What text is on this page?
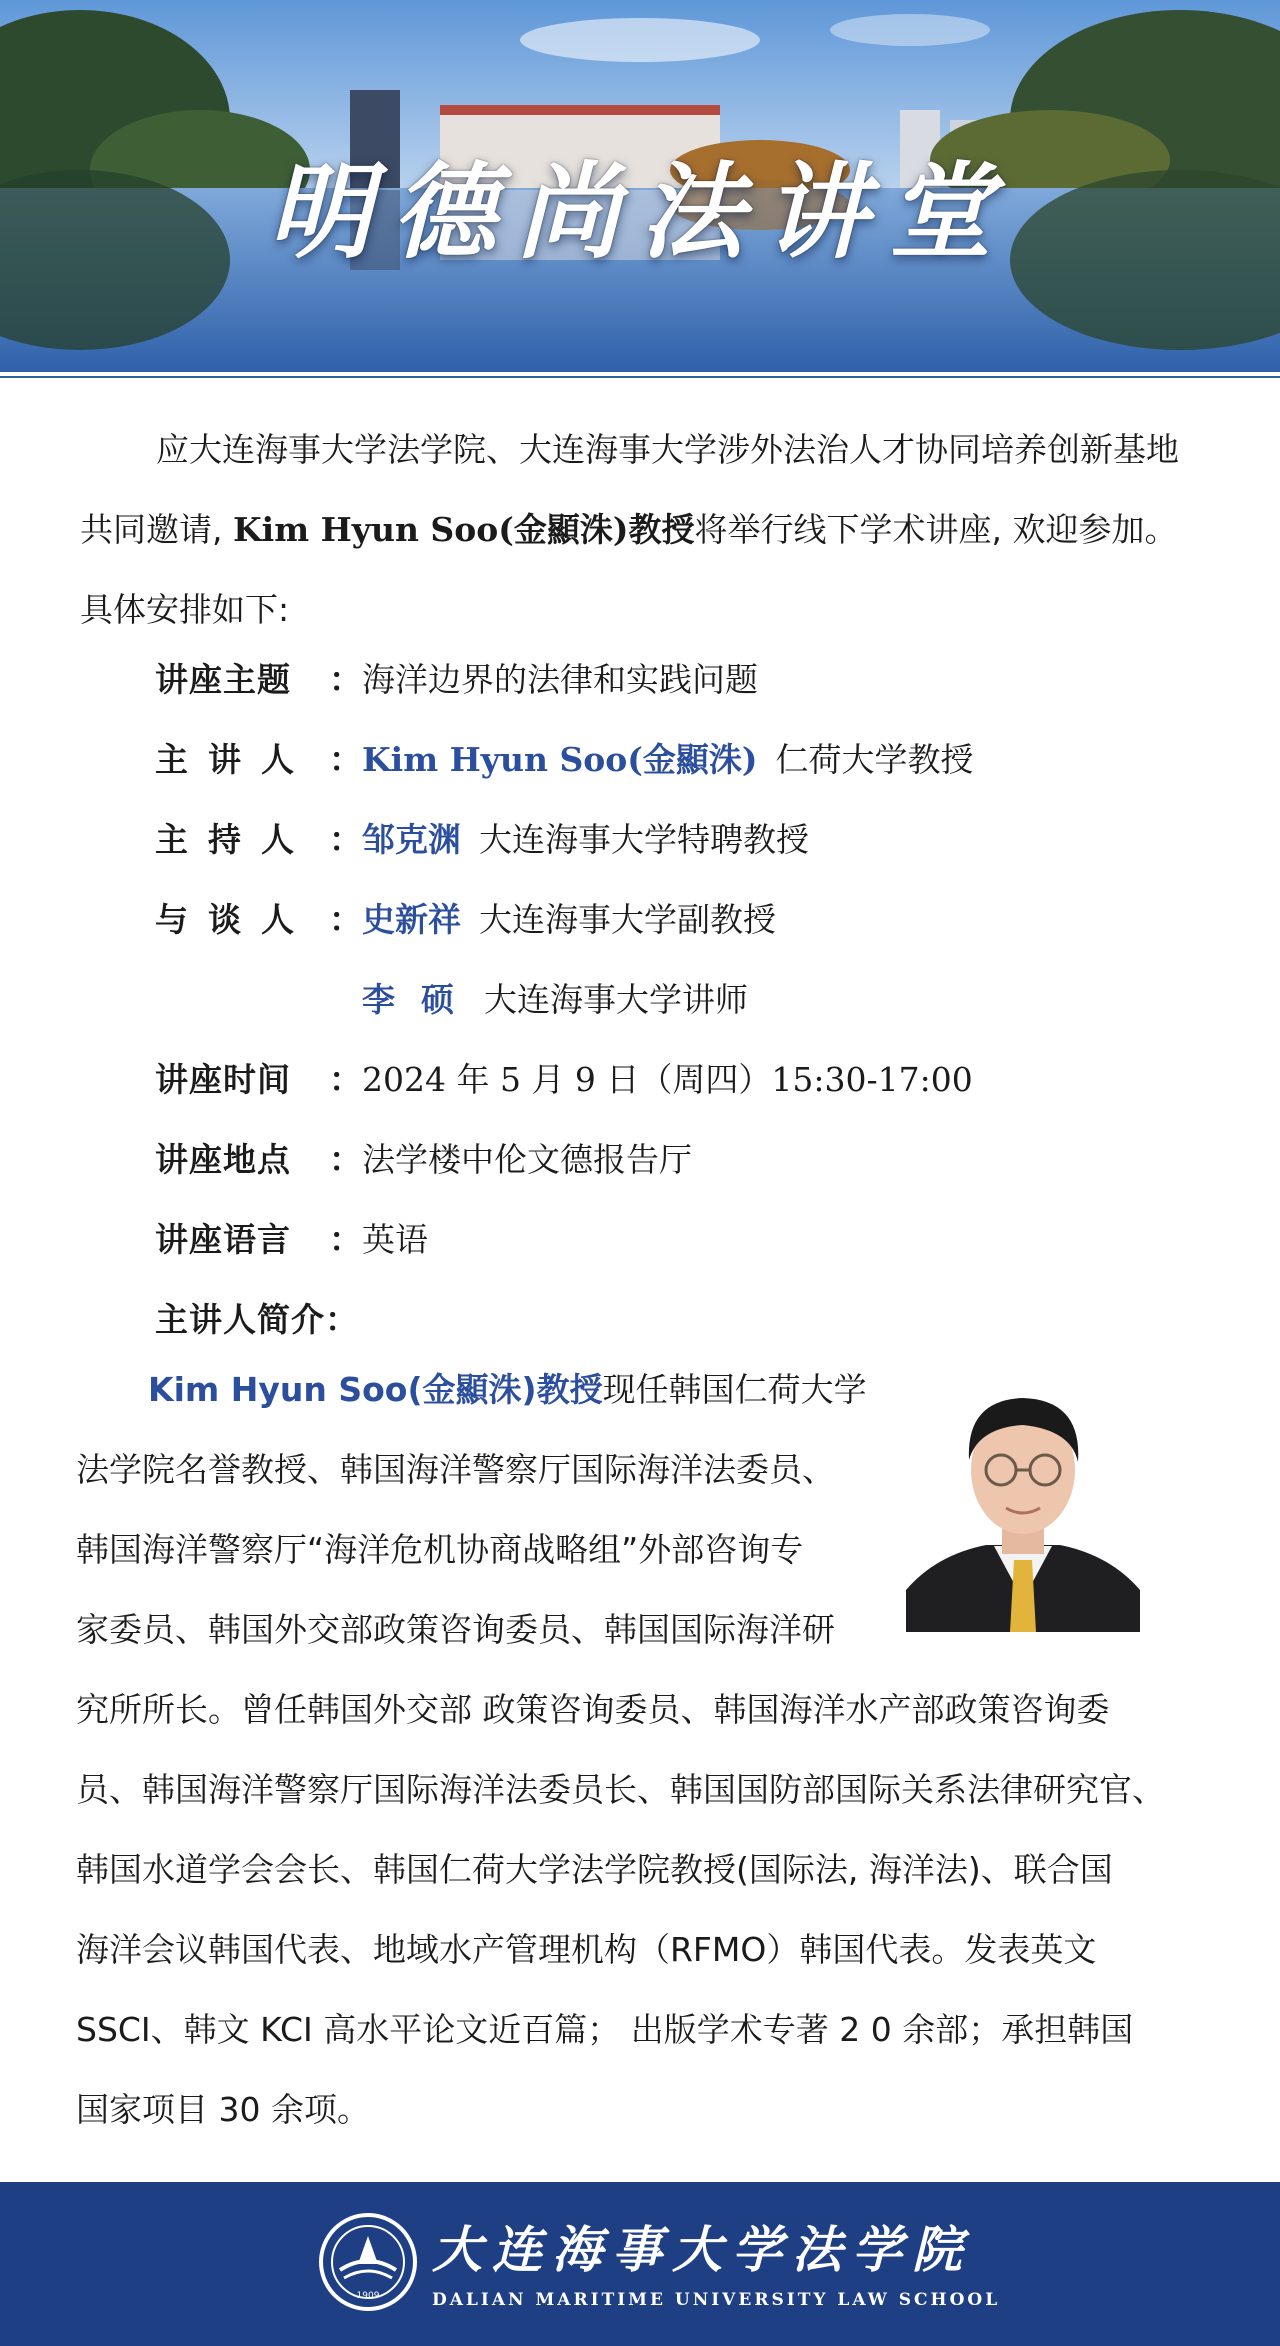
明德尚法讲堂

应大连海事大学法学院、大连海事大学涉外法治人才协同培养创新基地共同邀请, Kim Hyun Soo(金顯洙)教授将举行线下学术讲座, 欢迎参加。具体安排如下:

讲座主题 ：海洋边界的法律和实践问题
主讲人 ：Kim Hyun Soo(金顯洙) 仁荷大学教授
主持人 ：邹克渊 大连海事大学特聘教授
与谈人 ：史新祥 大连海事大学副教授
李硕 大连海事大学讲师
讲座时间 ：2024 年 5 月 9 日（周四）15:30-17:00
讲座地点 ：法学楼中伦文德报告厅
讲座语言 ：英语
主讲人简介：
Kim Hyun Soo(金顯洙)教授现任韩国仁荷大学
法学院名誉教授、韩国海洋警察厅国际海洋法委员、
韩国海洋警察厅“海洋危机协商战略组”外部咨询专
家委员、韩国外交部政策咨询委员、韩国国际海洋研
究所所长。曾任韩国外交部 政策咨询委员、韩国海洋水产部政策咨询委
员、韩国海洋警察厅国际海洋法委员长、韩国国防部国际关系法律研究官、
韩国水道学会会长、韩国仁荷大学法学院教授(国际法, 海洋法)、联合国
海洋会议韩国代表、地域水产管理机构（RFMO）韩国代表。发表英文
SSCI、韩文 KCI 高水平论文近百篇； 出版学术专著 2 0 余部；承担韩国
国家项目 30 余项。
1909
大连海事大学法学院
DALIAN MARITIME UNIVERSITY LAW SCHOOL
